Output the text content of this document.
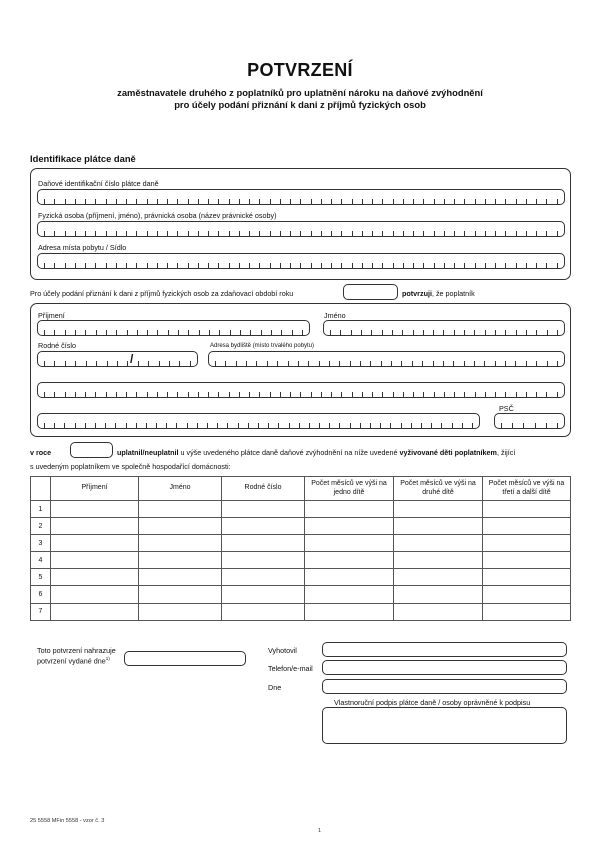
POTVRZENÍ
zaměstnavatele druhého z poplatníků pro uplatnění nároku na daňové zvýhodnění
pro účely podání přiznání k dani z příjmů fyzických osob
Identifikace plátce daně
Daňové identifikační číslo plátce daně
Fyzická osoba (příjmení, jméno), právnická osoba (název právnické osoby)
Adresa místa pobytu / Sídlo
Pro účely podání přiznání k dani z příjmů fyzických osob za zdaňovací období roku	potvrzuji, že poplatník
Příjmení	Jméno
Rodné číslo
/
Adresa bydliště (místo trvalého pobytu)
PSČ
v roce	uplatnil/neuplatnil u výše uvedeného plátce daně daňové zvýhodnění na níže uvedené vyživované děti poplatníkem, žijící
s uvedeným poplatníkem ve společně hospodařící domácnosti:
	Příjmení	Jméno	Rodné číslo	Počet měsíců ve výši na jedno dítě	Počet měsíců ve výši na druhé dítě	Počet měsíců ve výši na třetí a další dítě
1						
2						
3						
4						
5						
6						
7						
Toto potvrzení nahrazuje
potvrzení vydané dne$^{1)}$
Vyhotovil
Telefon/e-mail
Dne
Vlastnoruční podpis plátce daně / osoby oprávněné k podpisu
25 5558 MFin 5558 - vzor č. 3
1
